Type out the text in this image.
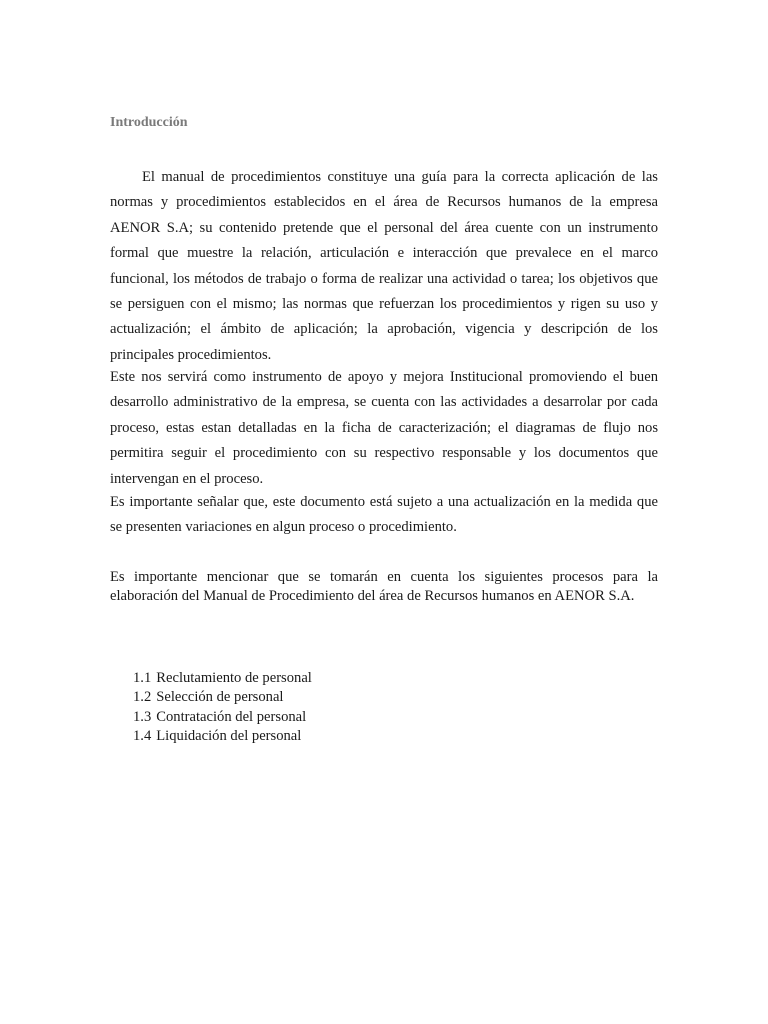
Introducción

El manual de procedimientos constituye una guía para la correcta aplicación de las normas y procedimientos establecidos en el área de Recursos humanos de la empresa AENOR S.A; su contenido pretende que el personal del área cuente con un instrumento formal que muestre la relación, articulación e interacción que prevalece en el marco funcional, los métodos de trabajo o forma de realizar una actividad o tarea; los objetivos que se persiguen con el mismo; las normas que refuerzan los procedimientos y rigen su uso y actualización; el ámbito de aplicación; la aprobación, vigencia y descripción de los principales procedimientos.

Este nos servirá como instrumento de apoyo y mejora Institucional promoviendo el buen desarrollo administrativo de la empresa, se cuenta con las actividades a desarrolar por cada proceso, estas estan detalladas en la ficha de caracterización; el diagramas de flujo nos permitira seguir el procedimiento con su respectivo responsable y los documentos que intervengan en el proceso.

Es importante señalar que, este documento está sujeto a una actualización en la medida que se presenten variaciones en algun proceso o procedimiento.

Es importante mencionar que se tomarán en cuenta los siguientes procesos para la elaboración del Manual de Procedimiento del área de Recursos humanos en AENOR S.A.

1.1 Reclutamiento de personal
1.2 Selección de personal
1.3 Contratación del personal
1.4 Liquidación del personal
